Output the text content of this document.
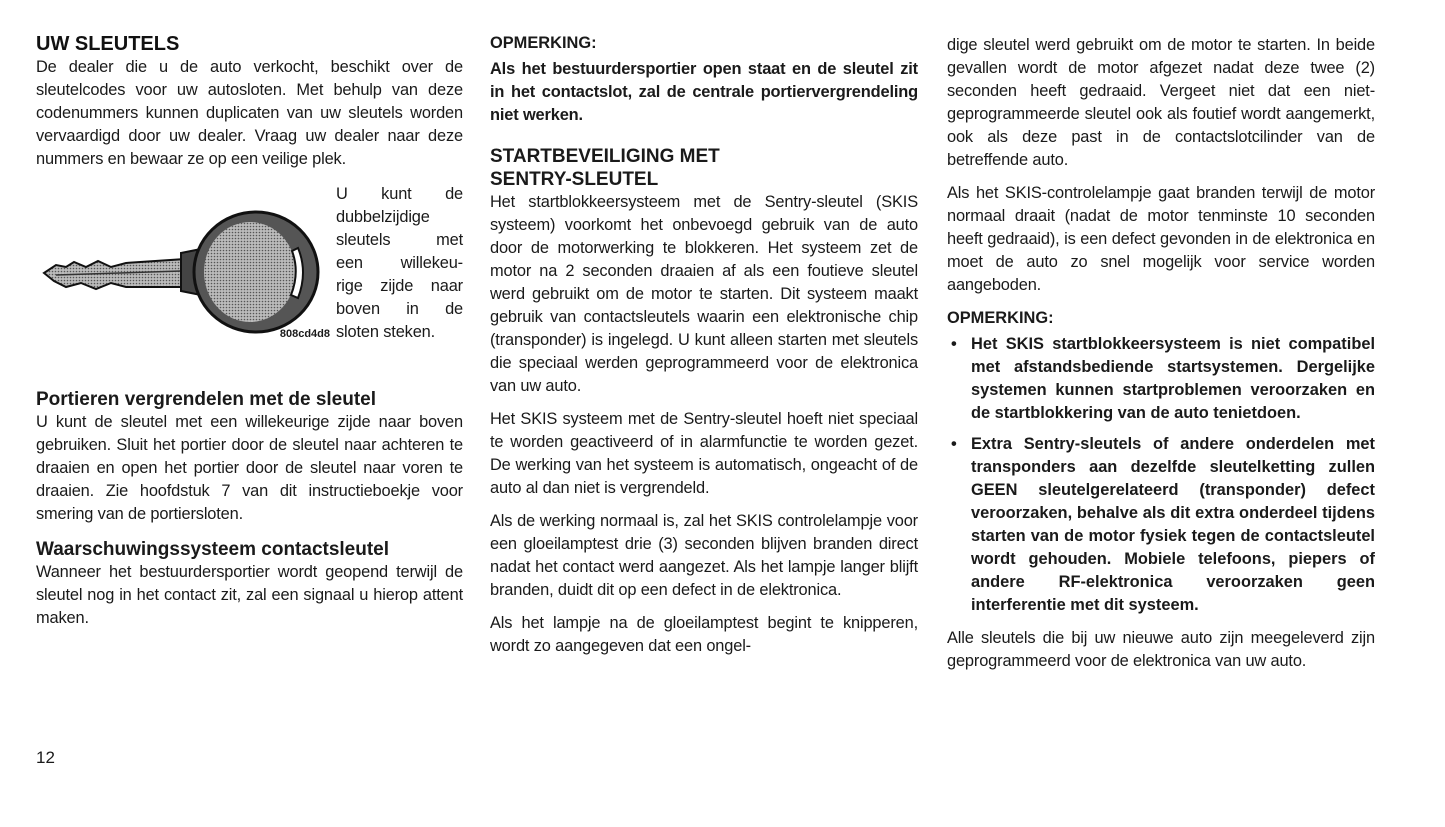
UW SLEUTELS

De dealer die u de auto verkocht, beschikt over de sleutelcodes voor uw autosloten. Met behulp van deze codenummers kunnen duplicaten van uw sleutels worden vervaardigd door uw dealer. Vraag uw dealer naar deze nummers en bewaar ze op een veilige plek.

808cd4d8

U kunt de

dubbelzijdige

sleutels met

een willekeu-

rige zijde naar

boven in de

sloten steken.

Portieren vergrendelen met de sleutel

U kunt de sleutel met een willekeurige zijde naar boven gebruiken. Sluit het portier door de sleutel naar achteren te draaien en open het portier door de sleutel naar voren te draaien. Zie hoofdstuk 7 van dit instructieboekje voor smering van de portiersloten.

Waarschuwingssysteem contactsleutel

Wanneer het bestuurdersportier wordt geopend terwijl de sleutel nog in het contact zit, zal een signaal u hierop attent maken.

OPMERKING:

Als het bestuurdersportier open staat en de sleutel zit in het contactslot, zal de centrale portiervergrendeling niet werken.

STARTBEVEILIGING MET
SENTRY-SLEUTEL

Het startblokkeersysteem met de Sentry-sleutel (SKIS systeem) voorkomt het onbevoegd gebruik van de auto door de motorwerking te blokkeren. Het systeem zet de motor na 2 seconden draaien af als een foutieve sleutel werd gebruikt om de motor te starten. Dit systeem maakt gebruik van contactsleutels waarin een elektronische chip (transponder) is ingelegd. U kunt alleen starten met sleutels die speciaal werden geprogrammeerd voor de elektronica van uw auto.

Het SKIS systeem met de Sentry-sleutel hoeft niet speciaal te worden geactiveerd of in alarmfunctie te worden gezet. De werking van het systeem is automatisch, ongeacht of de auto al dan niet is vergrendeld.

Als de werking normaal is, zal het SKIS controlelampje voor een gloeilamptest drie (3) seconden blijven branden direct nadat het contact werd aangezet. Als het lampje langer blijft branden, duidt dit op een defect in de elektronica.

Als het lampje na de gloeilamptest begint te knipperen, wordt zo aangegeven dat een ongel-

dige sleutel werd gebruikt om de motor te starten. In beide gevallen wordt de motor afgezet nadat deze twee (2) seconden heeft gedraaid. Vergeet niet dat een niet-geprogrammeerde sleutel ook als foutief wordt aangemerkt, ook als deze past in de contactslotcilinder van de betreffende auto.

Als het SKIS-controlelampje gaat branden terwijl de motor normaal draait (nadat de motor tenminste 10 seconden heeft gedraaid), is een defect gevonden in de elektronica en moet de auto zo snel mogelijk voor service worden aangeboden.

OPMERKING:
• Het SKIS startblokkeersysteem is niet compatibel met afstandsbediende startsystemen. Dergelijke systemen kunnen startproblemen veroorzaken en de startblokkering van de auto tenietdoen.
• Extra Sentry-sleutels of andere onderdelen met transponders aan dezelfde sleutelketting zullen GEEN sleutelgerelateerd (transponder) defect veroorzaken, behalve als dit extra onderdeel tijdens starten van de motor fysiek tegen de contactsleutel wordt gehouden. Mobiele telefoons, piepers of andere RF-elektronica veroorzaken geen interferentie met dit systeem.

Alle sleutels die bij uw nieuwe auto zijn meegeleverd zijn geprogrammeerd voor de elektronica van uw auto.

12
